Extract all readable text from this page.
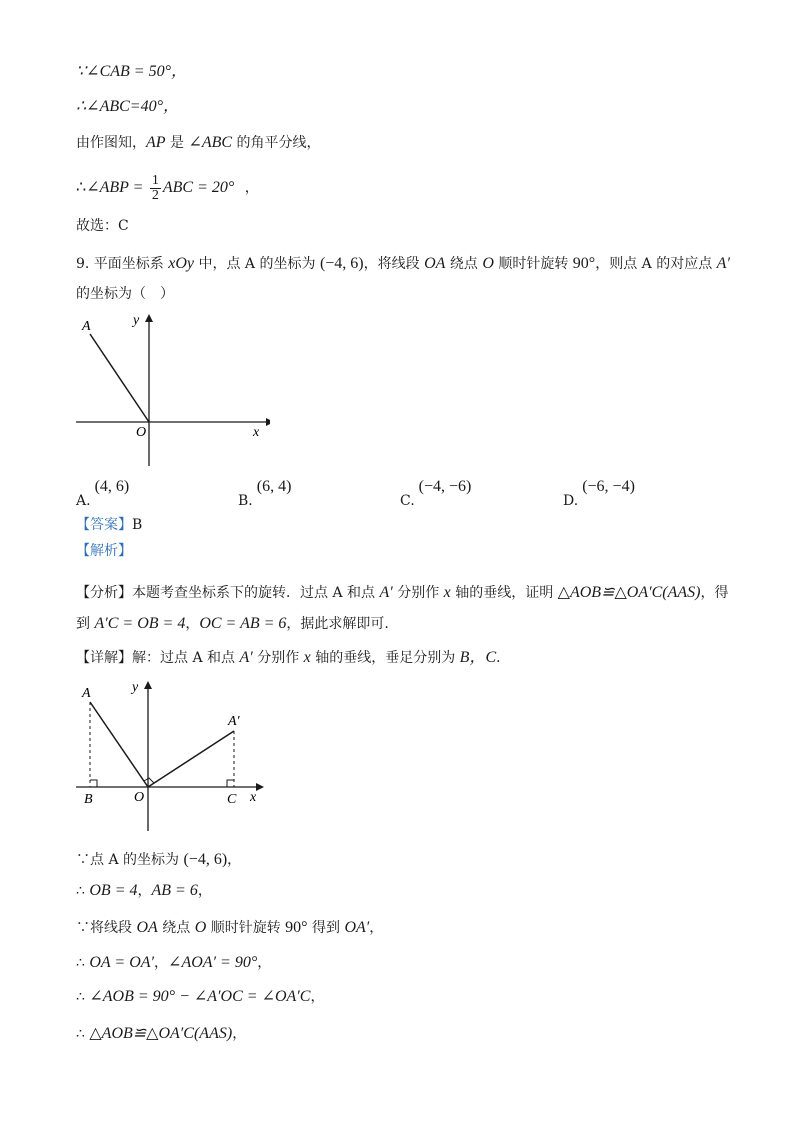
∵∠CAB = 50°，
∴∠ABC=40°，
由作图知，AP 是 ∠ABC 的角平分线，
∴∠ABP = $\frac{1}{2}$ ABC = 20° ，
故选：C
9. 平面坐标系 xOy 中，点 A 的坐标为 (−4, 6)，将线段 OA 绕点 O 顺时针旋转 90°，则点 A 的对应点 A′
的坐标为（　）
A	y
O	x
A.(4, 6)
B.(6, 4)
C.(−4, −6)
D.(−6, −4)
【答案】B
【解析】
【分析】本题考查坐标系下的旋转．过点 A 和点 A′ 分别作 x 轴的垂线，证明 △AOB≌△OA′C(AAS)，得
到 A′C = OB = 4，OC = AB = 6，据此求解即可.
【详解】解：过点 A 和点 A′ 分别作 x 轴的垂线，垂足分别为 B，C．
A	y
A′
B	O	C x
∵点 A 的坐标为 (−4, 6)，
∴ OB = 4，AB = 6，
∵将线段 OA 绕点 O 顺时针旋转 90° 得到 OA′，
∴ OA = OA′，∠AOA′ = 90°，
∴ ∠AOB = 90° − ∠A′OC = ∠OA′C，
∴ △AOB≌△OA′C(AAS)，
